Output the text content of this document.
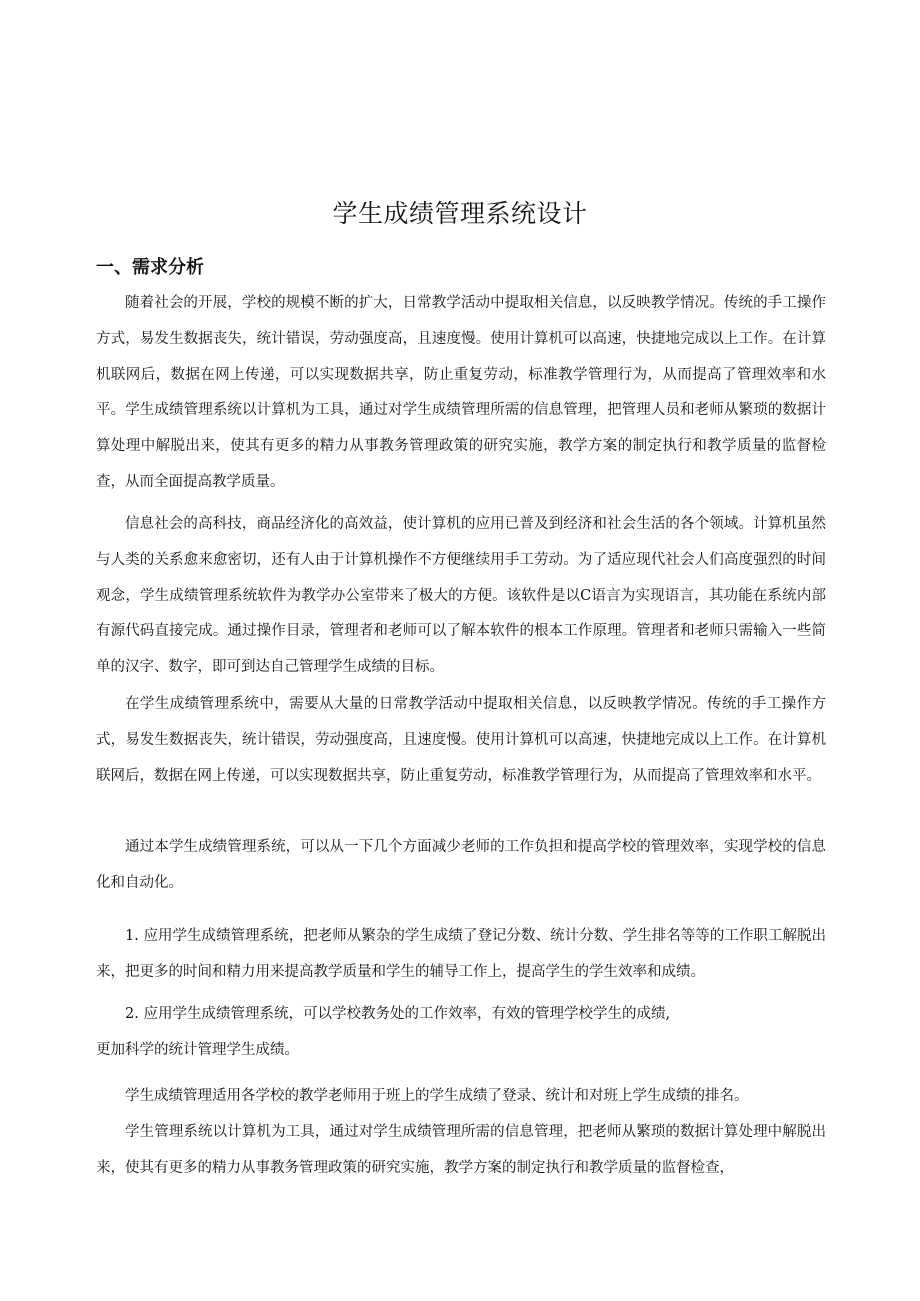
学生成绩管理系统设计
一、需求分析

随着社会的开展，学校的规模不断的扩大，日常教学活动中提取相关信息，以反映教学情况。传统的手工操作方式，易发生数据丧失，统计错误，劳动强度高，且速度慢。使用计算机可以高速，快捷地完成以上工作。在计算机联网后，数据在网上传递，可以实现数据共享，防止重复劳动，标准教学管理行为，从而提高了管理效率和水平。学生成绩管理系统以计算机为工具，通过对学生成绩管理所需的信息管理，把管理人员和老师从繁琐的数据计算处理中解脱出来，使其有更多的精力从事教务管理政策的研究实施，教学方案的制定执行和教学质量的监督检查，从而全面提高教学质量。

信息社会的高科技，商品经济化的高效益，使计算机的应用已普及到经济和社会生活的各个领域。计算机虽然与人类的关系愈来愈密切，还有人由于计算机操作不方便继续用手工劳动。为了适应现代社会人们高度强烈的时间观念，学生成绩管理系统软件为教学办公室带来了极大的方便。该软件是以C语言为实现语言，其功能在系统内部有源代码直接完成。通过操作目录，管理者和老师可以了解本软件的根本工作原理。管理者和老师只需输入一些简单的汉字、数字，即可到达自己管理学生成绩的目标。

在学生成绩管理系统中，需要从大量的日常教学活动中提取相关信息，以反映教学情况。传统的手工操作方式，易发生数据丧失，统计错误，劳动强度高，且速度慢。使用计算机可以高速，快捷地完成以上工作。在计算机联网后，数据在网上传递，可以实现数据共享，防止重复劳动，标准教学管理行为，从而提高了管理效率和水平。

通过本学生成绩管理系统，可以从一下几个方面减少老师的工作负担和提高学校的管理效率，实现学校的信息化和自动化。

1. 应用学生成绩管理系统，把老师从繁杂的学生成绩了登记分数、统计分数、学生排名等等的工作职工解脱出来，把更多的时间和精力用来提高教学质量和学生的辅导工作上，提高学生的学生效率和成绩。

2. 应用学生成绩管理系统，可以学校教务处的工作效率，有效的管理学校学生的成绩,

更加科学的统计管理学生成绩。

学生成绩管理适用各学校的教学老师用于班上的学生成绩了登录、统计和对班上学生成绩的排名。

学生管理系统以计算机为工具，通过对学生成绩管理所需的信息管理，把老师从繁琐的数据计算处理中解脱出来，使其有更多的精力从事教务管理政策的研究实施，教学方案的制定执行和教学质量的监督检查，
